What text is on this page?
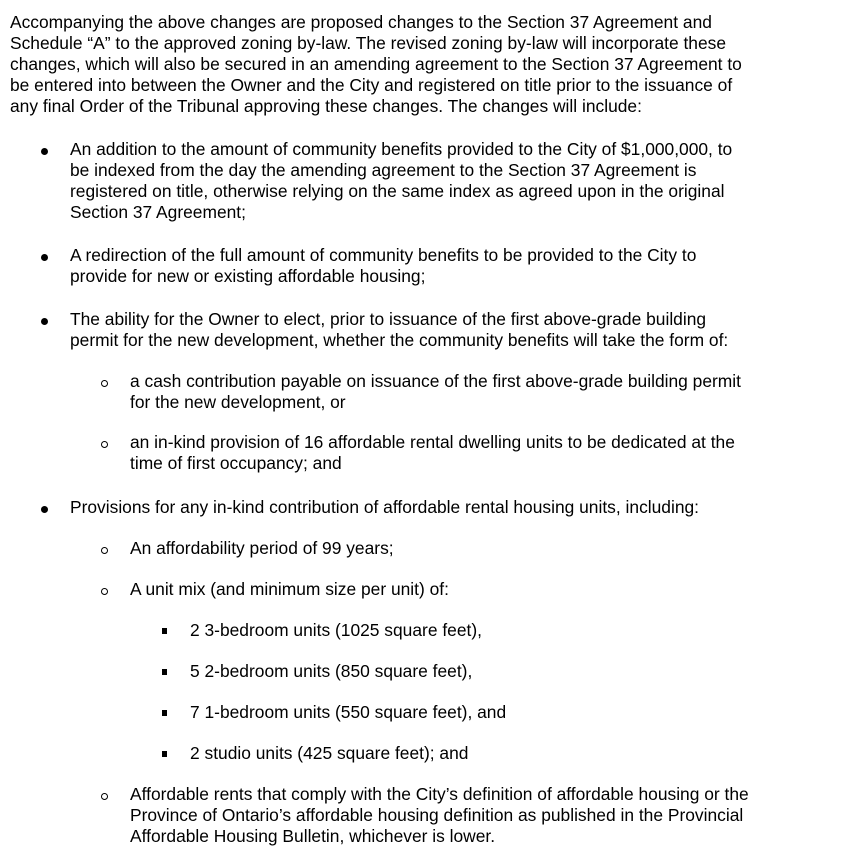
Accompanying the above changes are proposed changes to the Section 37 Agreement and
Schedule “A” to the approved zoning by-law. The revised zoning by-law will incorporate these
changes, which will also be secured in an amending agreement to the Section 37 Agreement to
be entered into between the Owner and the City and registered on title prior to the issuance of
any final Order of the Tribunal approving these changes. The changes will include:
An addition to the amount of community benefits provided to the City of $1,000,000, to
be indexed from the day the amending agreement to the Section 37 Agreement is
registered on title, otherwise relying on the same index as agreed upon in the original
Section 37 Agreement;
A redirection of the full amount of community benefits to be provided to the City to
provide for new or existing affordable housing;
The ability for the Owner to elect, prior to issuance of the first above-grade building
permit for the new development, whether the community benefits will take the form of:
a cash contribution payable on issuance of the first above-grade building permit
for the new development, or
an in-kind provision of 16 affordable rental dwelling units to be dedicated at the
time of first occupancy; and
Provisions for any in-kind contribution of affordable rental housing units, including:
An affordability period of 99 years;
A unit mix (and minimum size per unit) of:
2 3-bedroom units (1025 square feet),
5 2-bedroom units (850 square feet),
7 1-bedroom units (550 square feet), and
2 studio units (425 square feet); and
Affordable rents that comply with the City’s definition of affordable housing or the
Province of Ontario’s affordable housing definition as published in the Provincial
Affordable Housing Bulletin, whichever is lower.
